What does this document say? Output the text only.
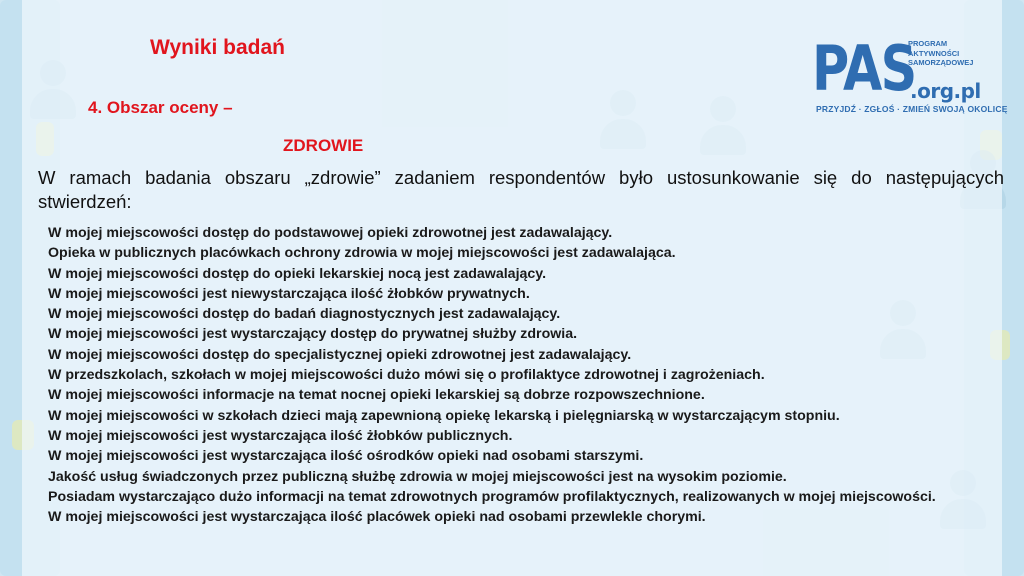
Wyniki badań
4. Obszar oceny –
ZDROWIE

W ramach badania obszaru „zdrowie” zadaniem respondentów było ustosunkowanie się do następujących stwierdzeń:

W mojej miejscowości dostęp do podstawowej opieki zdrowotnej jest zadawalający.
Opieka w publicznych placówkach ochrony zdrowia w mojej miejscowości jest zadawalająca.
W mojej miejscowości dostęp do opieki lekarskiej nocą jest zadawalający.
W mojej miejscowości jest niewystarczająca ilość żłobków prywatnych.
W mojej miejscowości dostęp do badań diagnostycznych jest zadawalający.
W mojej miejscowości jest wystarczający dostęp do prywatnej służby zdrowia.
W mojej miejscowości dostęp do specjalistycznej opieki zdrowotnej jest zadawalający.
W przedszkolach, szkołach w mojej miejscowości dużo mówi się o profilaktyce zdrowotnej i zagrożeniach.
W mojej miejscowości informacje na temat nocnej opieki lekarskiej są dobrze rozpowszechnione.
W mojej miejscowości w szkołach dzieci mają zapewnioną opiekę lekarską i pielęgniarską w wystarczającym stopniu.
W mojej miejscowości jest wystarczająca ilość żłobków publicznych.
W mojej miejscowości jest wystarczająca ilość ośrodków opieki nad osobami starszymi.
Jakość usług świadczonych przez publiczną służbę zdrowia w mojej miejscowości jest na wysokim poziomie.
Posiadam wystarczająco dużo informacji na temat zdrowotnych programów profilaktycznych, realizowanych w mojej miejscowości.
W mojej miejscowości jest wystarczająca ilość placówek opieki nad osobami przewlekle chorymi.
PAS
PROGRAM
AKTYWNOŚCI
SAMORZĄDOWEJ
.org.pl
PRZYJDŹ · ZGŁOŚ · ZMIEŃ SWOJĄ OKOLICĘ
